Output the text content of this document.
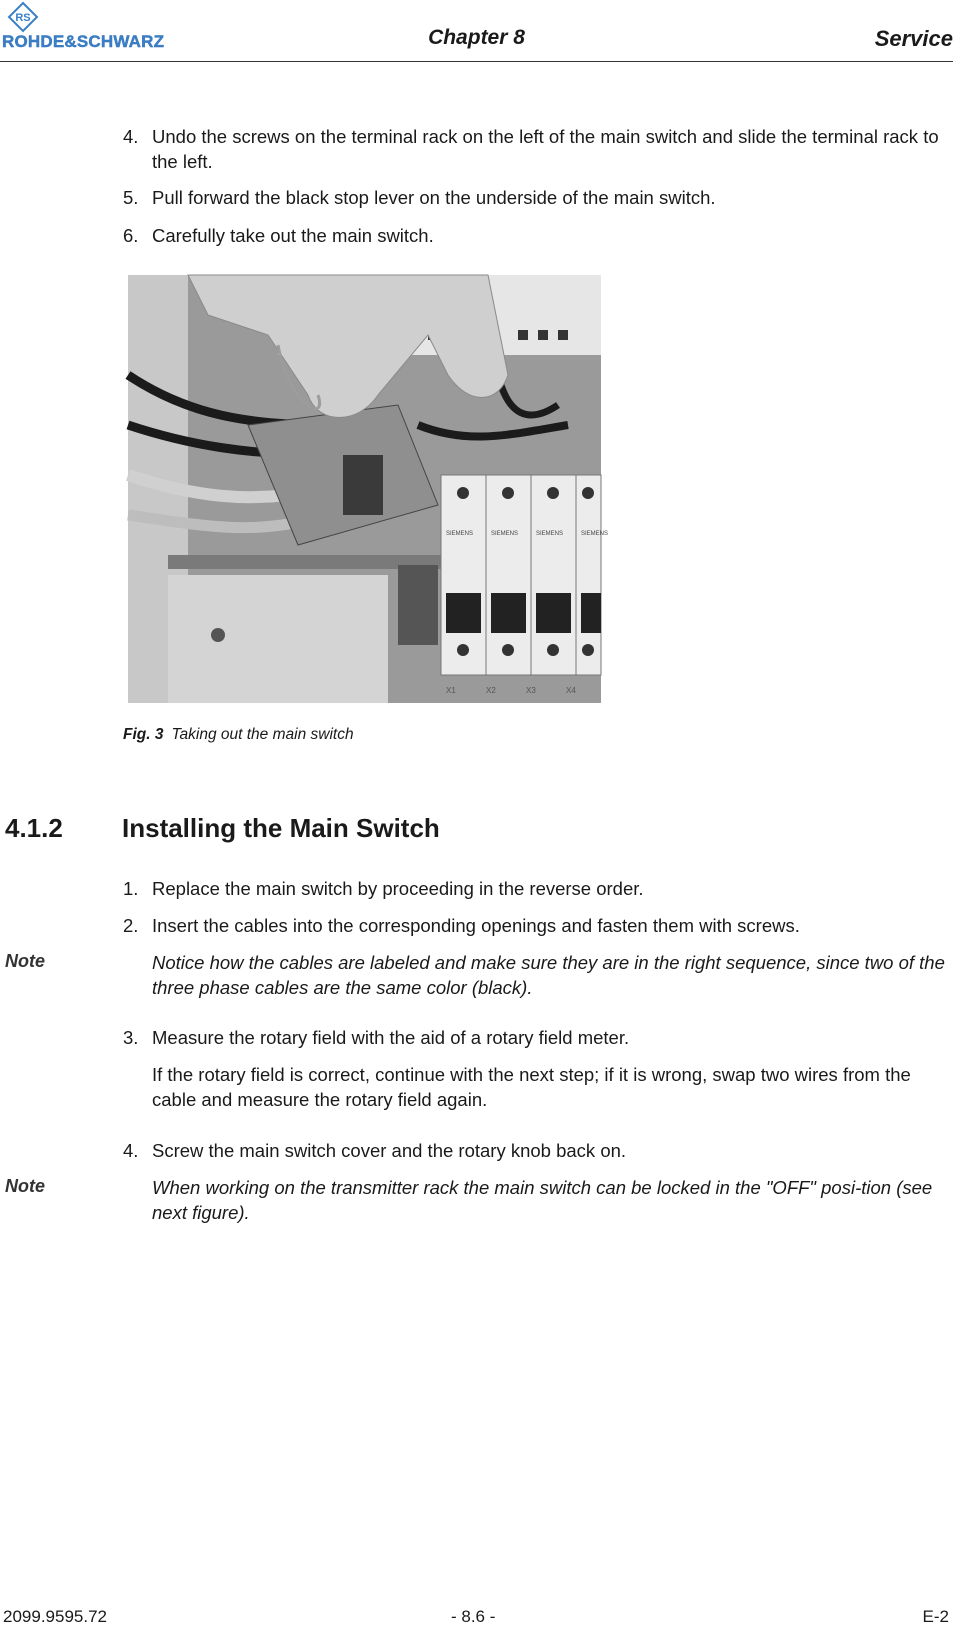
RS
ROHDE&SCHWARZ	Chapter 8	Service
4. Undo the screws on the terminal rack on the left of the main switch and slide the terminal rack to the left.
5. Pull forward the black stop lever on the underside of the main switch.
6. Carefully take out the main switch.
SIEMENS	SIEMENS	SIEMENS	SIEMENS
X1	X2	X3	X4
Fig. 3 Taking out the main switch
4.1.2 Installing the Main Switch
1. Replace the main switch by proceeding in the reverse order.
2. Insert the cables into the corresponding openings and fasten them with screws.
Note	Notice how the cables are labeled and make sure they are in the right sequence, since two of the three phase cables are the same color (black).
3. Measure the rotary field with the aid of a rotary field meter.
If the rotary field is correct, continue with the next step; if it is wrong, swap two wires from the cable and measure the rotary field again.
4. Screw the main switch cover and the rotary knob back on.
Note	When working on the transmitter rack the main switch can be locked in the "OFF" posi-tion (see next figure).
2099.9595.72	- 8.6 -	E-2
